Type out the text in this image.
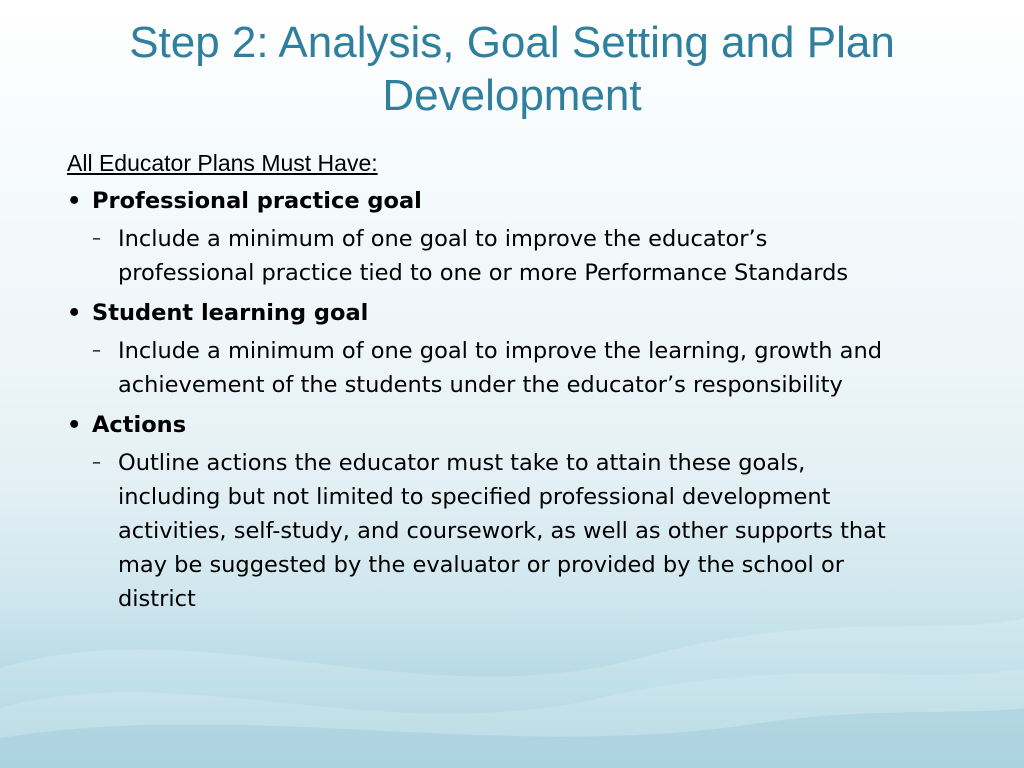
Step 2: Analysis, Goal Setting and Plan Development

All Educator Plans Must Have:

• Professional practice goal
– Include a minimum of one goal to improve the educator’s professional practice tied to one or more Performance Standards
• Student learning goal
– Include a minimum of one goal to improve the learning, growth and achievement of the students under the educator’s responsibility
• Actions
– Outline actions the educator must take to attain these goals, including but not limited to specified professional development activities, self-study, and coursework, as well as other supports that may be suggested by the evaluator or provided by the school or district
